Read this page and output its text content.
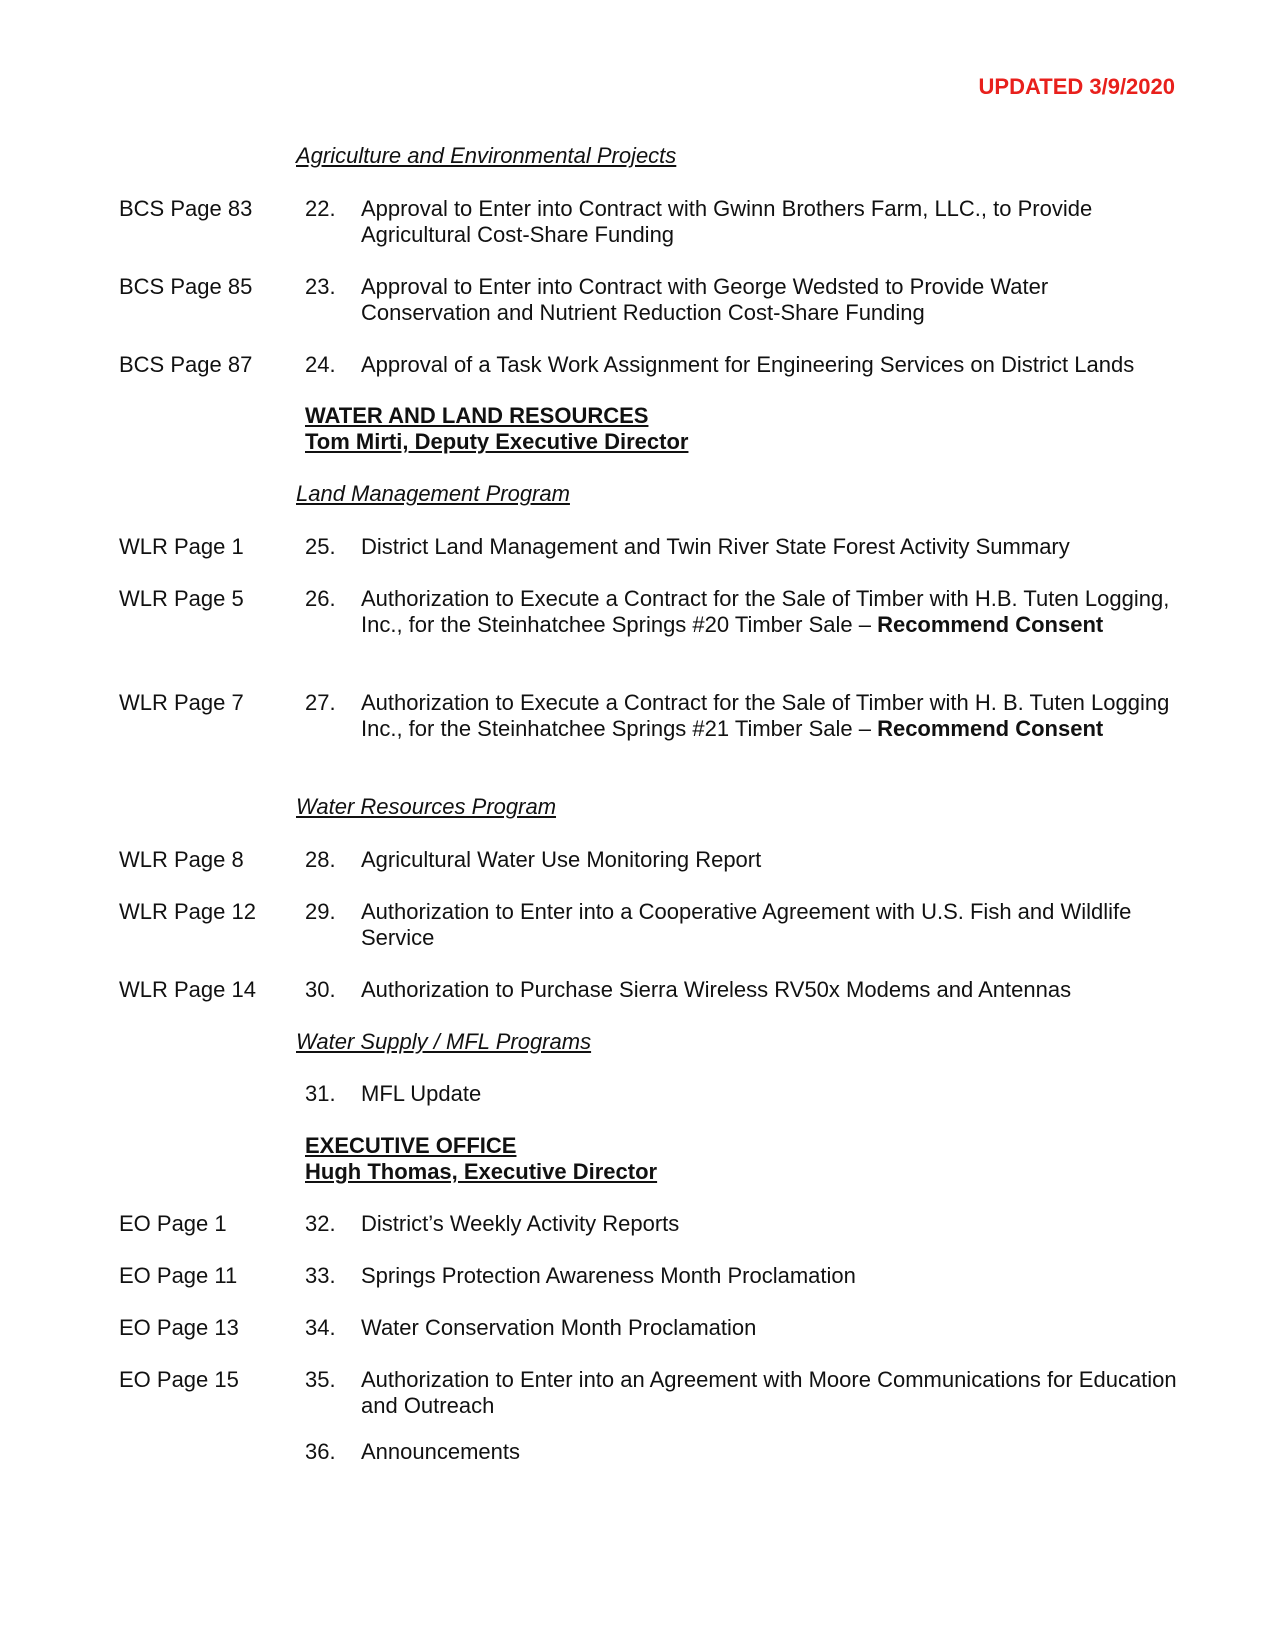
UPDATED 3/9/2020
Agriculture and Environmental Projects
BCS Page 83 22. Approval to Enter into Contract with Gwinn Brothers Farm, LLC., to Provide Agricultural Cost-Share Funding
BCS Page 85 23. Approval to Enter into Contract with George Wedsted to Provide Water Conservation and Nutrient Reduction Cost-Share Funding
BCS Page 87 24. Approval of a Task Work Assignment for Engineering Services on District Lands
WATER AND LAND RESOURCES
Tom Mirti, Deputy Executive Director
Land Management Program
WLR Page 1	25. District Land Management and Twin River State Forest Activity Summary
WLR Page 5	26. Authorization to Execute a Contract for the Sale of Timber with H.B. Tuten Logging, Inc., for the Steinhatchee Springs #20 Timber Sale – Recommend Consent
WLR Page 7	27. Authorization to Execute a Contract for the Sale of Timber with H. B. Tuten Logging Inc., for the Steinhatchee Springs #21 Timber Sale – Recommend Consent
Water Resources Program
WLR Page 8	28. Agricultural Water Use Monitoring Report
WLR Page 12 29. Authorization to Enter into a Cooperative Agreement with U.S. Fish and Wildlife Service
WLR Page 14 30. Authorization to Purchase Sierra Wireless RV50x Modems and Antennas
Water Supply / MFL Programs
31. MFL Update
EXECUTIVE OFFICE
Hugh Thomas, Executive Director
EO Page 1	32. District’s Weekly Activity Reports
EO Page 11	33. Springs Protection Awareness Month Proclamation
EO Page 13	34. Water Conservation Month Proclamation
EO Page 15	35. Authorization to Enter into an Agreement with Moore Communications for Education and Outreach
36. Announcements
